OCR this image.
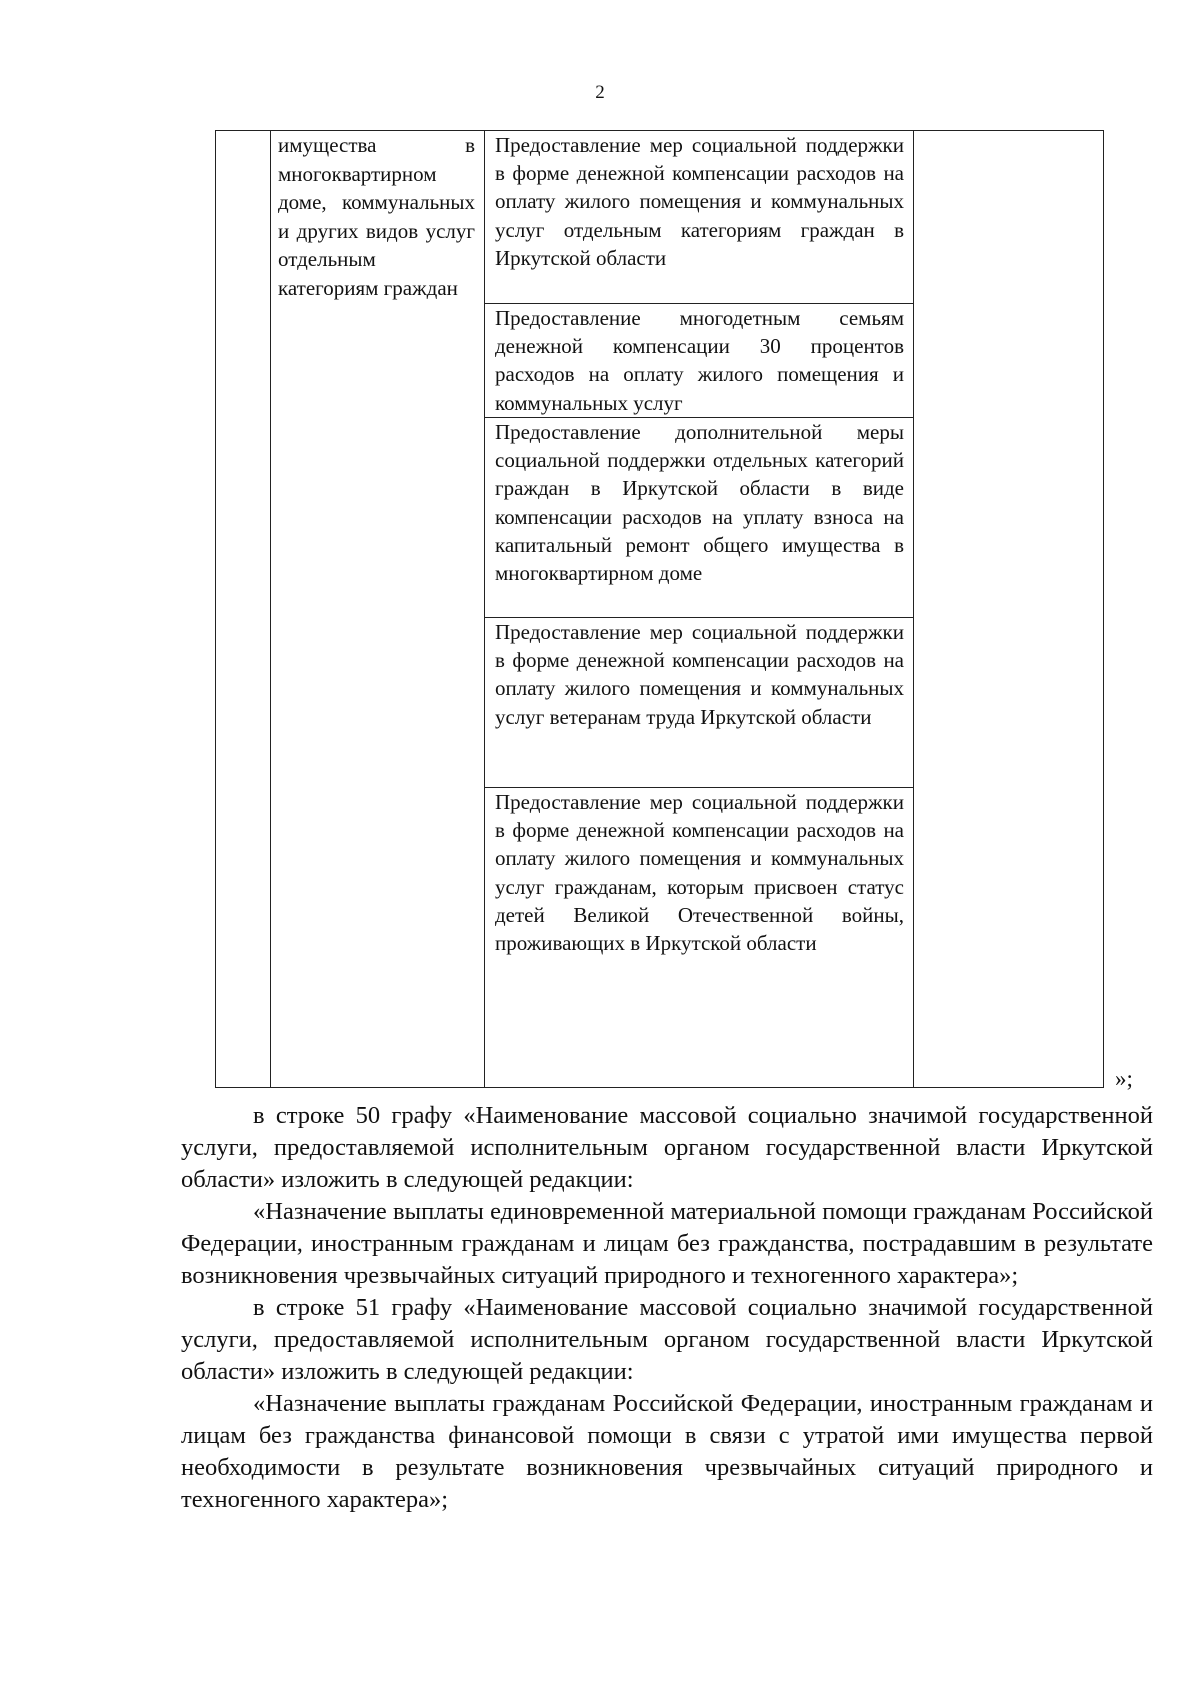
2
имущества в многоквартирном доме, коммунальных и других видов услуг отдельным категориям граждан
Предоставление мер социальной поддержки в форме денежной компенсации расходов на оплату жилого помещения и коммунальных услуг отдельным категориям граждан в Иркутской области
Предоставление многодетным семьям денежной компенсации 30 процентов расходов на оплату жилого помещения и коммунальных услуг
Предоставление дополнительной меры социальной поддержки отдельных категорий граждан в Иркутской области в виде компенсации расходов на уплату взноса на капитальный ремонт общего имущества в многоквартирном доме
Предоставление мер социальной поддержки в форме денежной компенсации расходов на оплату жилого помещения и коммунальных услуг ветеранам труда Иркутской области
Предоставление мер социальной поддержки в форме денежной компенсации расходов на оплату жилого помещения и коммунальных услуг гражданам, которым присвоен статус детей Великой Отечественной войны, проживающих в Иркутской области
»;

в строке 50 графу «Наименование массовой социально значимой государственной услуги, предоставляемой исполнительным органом государственной власти Иркутской области» изложить в следующей редакции:

«Назначение выплаты единовременной материальной помощи гражданам Российской Федерации, иностранным гражданам и лицам без гражданства, пострадавшим в результате возникновения чрезвычайных ситуаций природного и техногенного характера»;

в строке 51 графу «Наименование массовой социально значимой государственной услуги, предоставляемой исполнительным органом государственной власти Иркутской области» изложить в следующей редакции:

«Назначение выплаты гражданам Российской Федерации, иностранным гражданам и лицам без гражданства финансовой помощи в связи с утратой ими имущества первой необходимости в результате возникновения чрезвычайных ситуаций природного и техногенного характера»;
